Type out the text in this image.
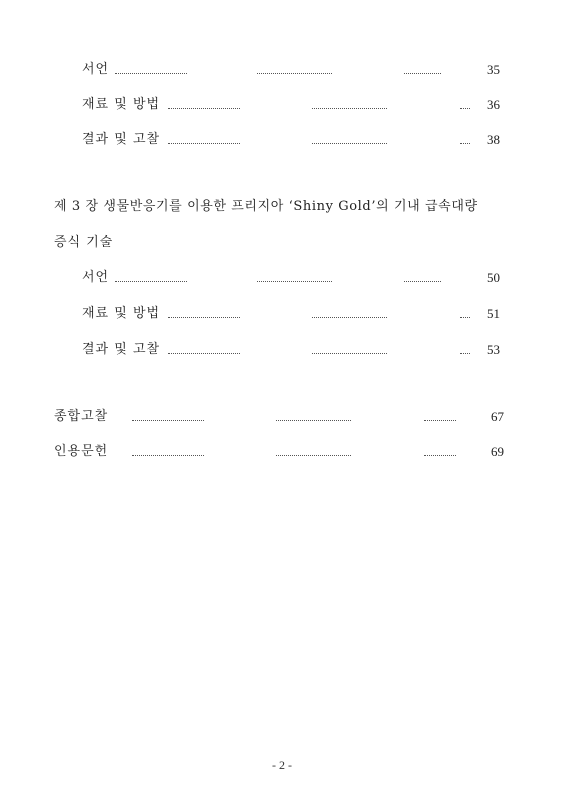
서언	35
재료 및 방법	36
결과 및 고찰	38
제 3 장 생물반응기를 이용한 프리지아 ‘Shiny Gold’의 기내 급속대량
증식 기술
서언	50
재료 및 방법	51
결과 및 고찰	53
종합고찰	67
인용문헌	69
- 2 -
